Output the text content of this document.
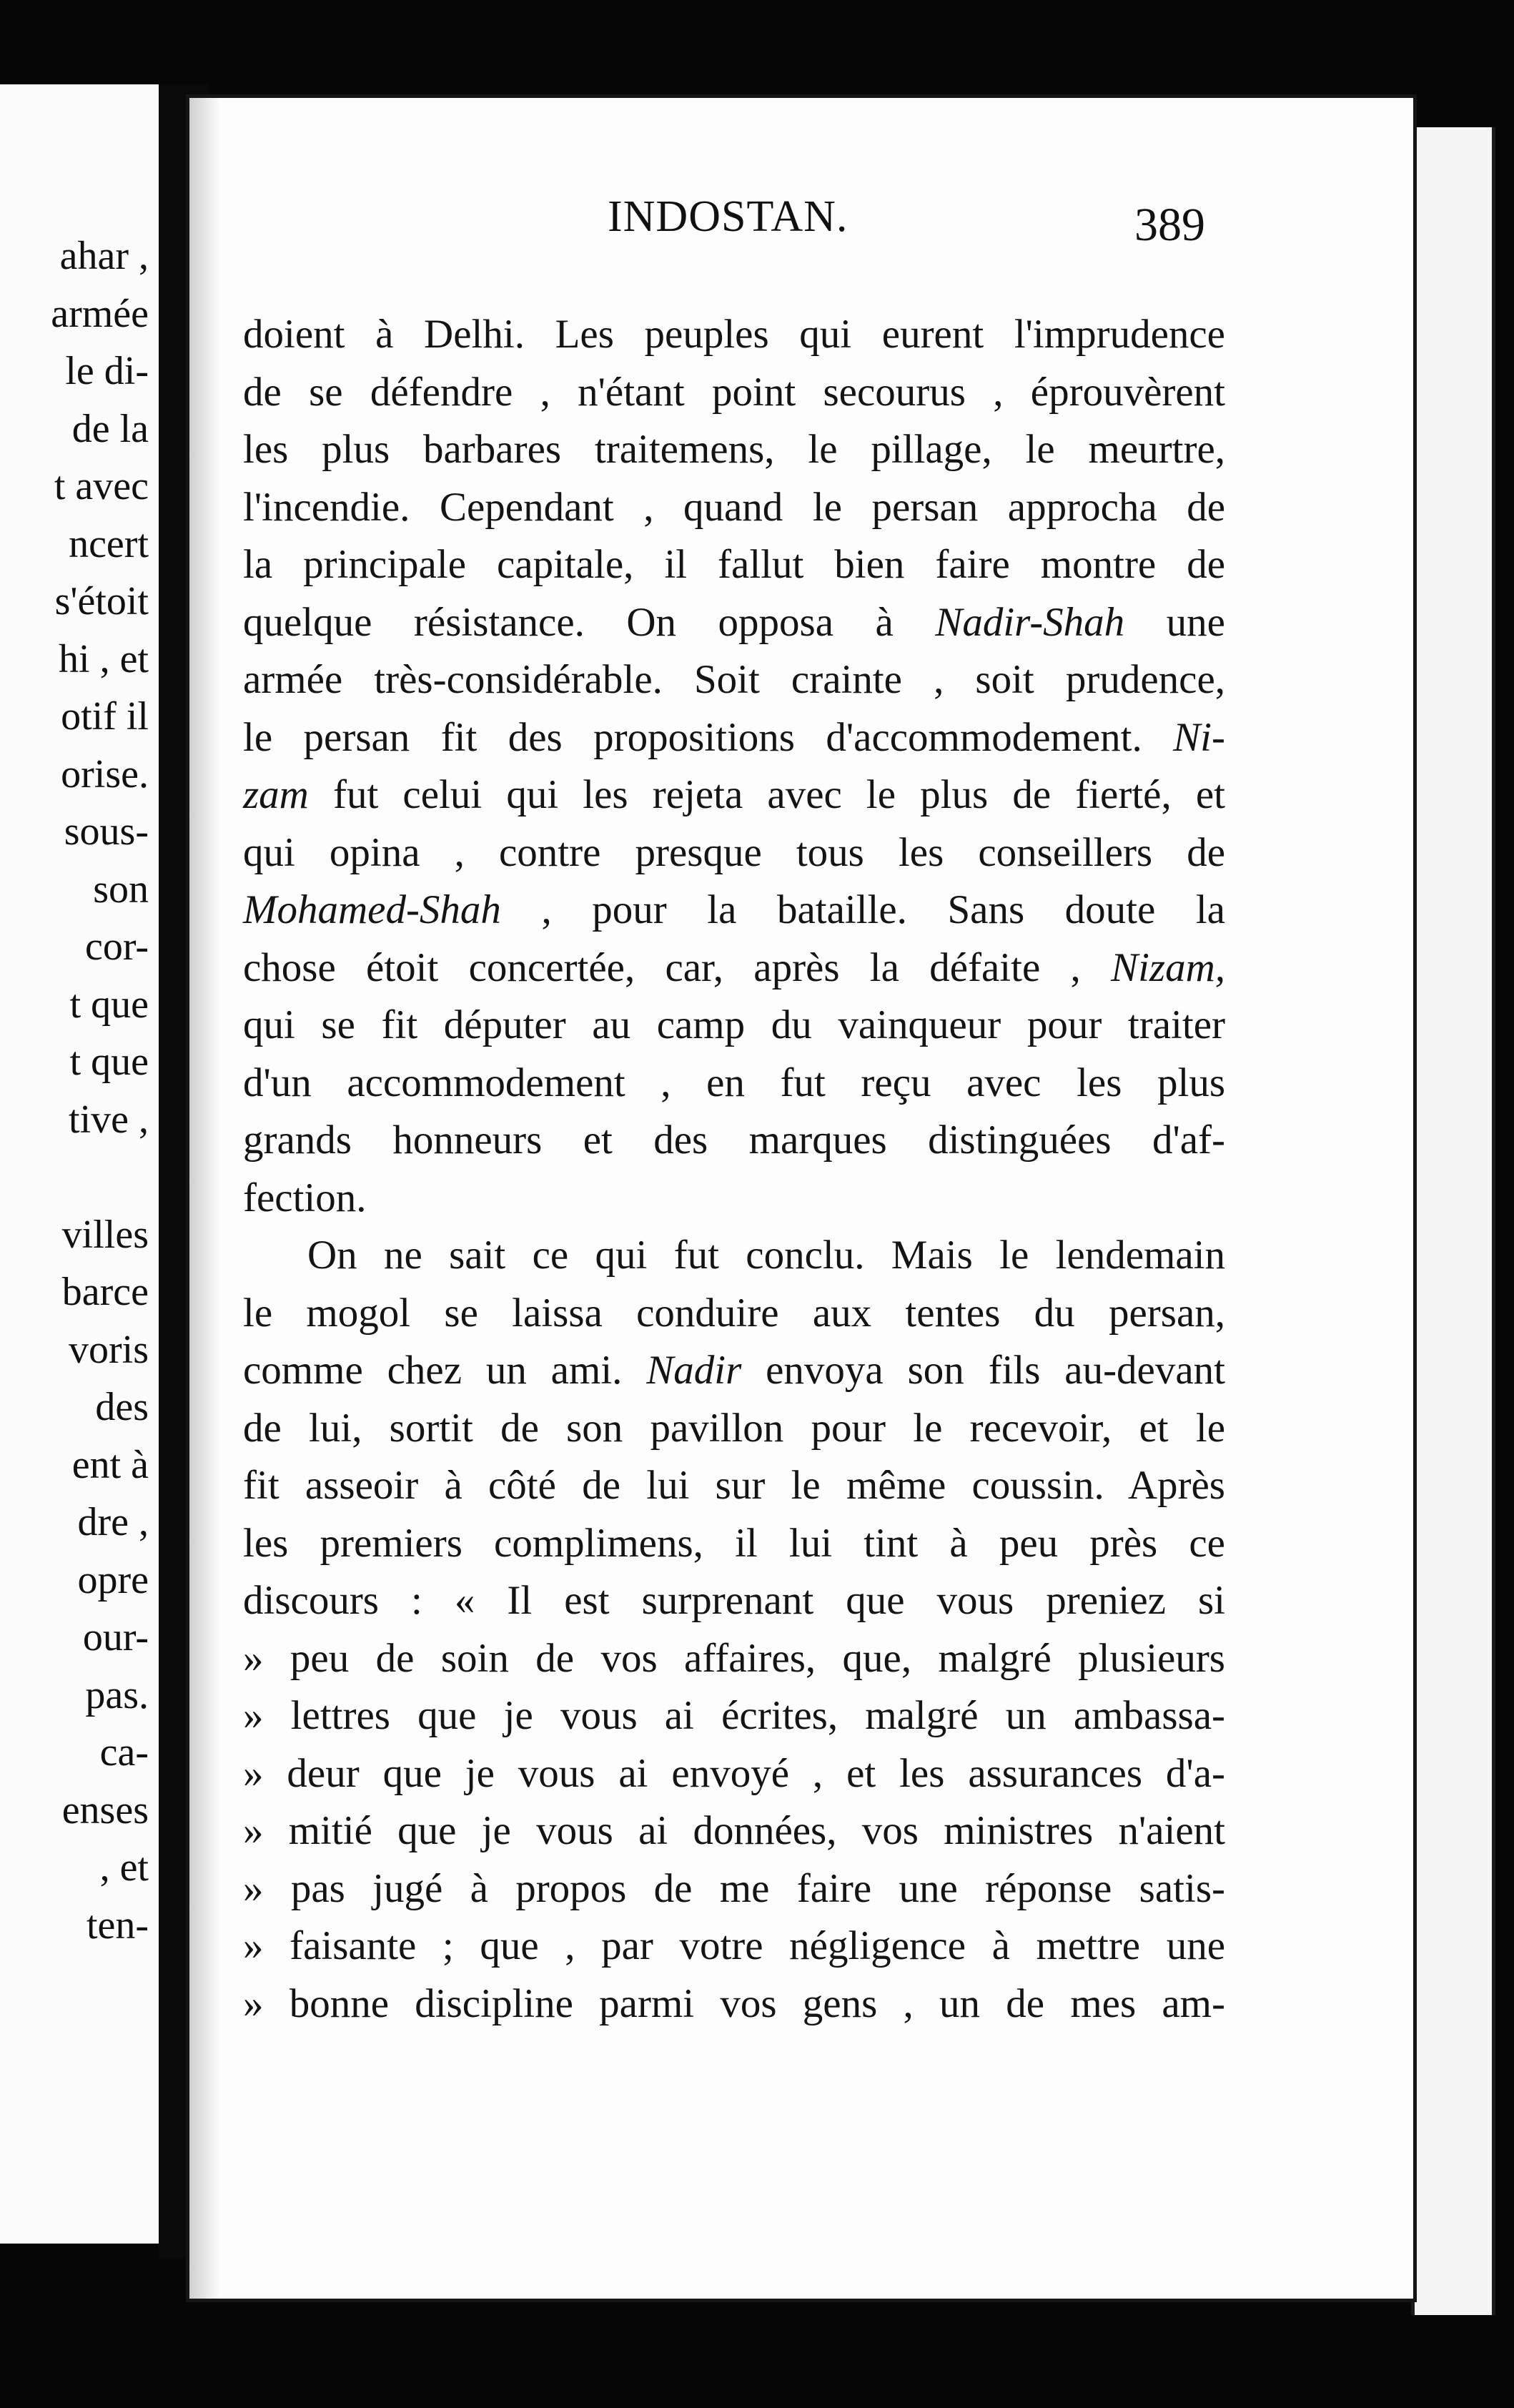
ahar ,
armée
le di-
de la
t avec
ncert
s'étoit
hi , et
otif il
orise.
sous-
son
cor-
t que
t que
tive ,
villes
barce
voris
des
ent à
dre ,
opre
our-
pas.
ca-
enses
, et
ten-
INDOSTAN.	389
doient à Delhi. Les peuples qui eurent l'imprudence
de se défendre , n'étant point secourus , éprouvèrent
les plus barbares traitemens, le pillage, le meurtre,
l'incendie. Cependant , quand le persan approcha de
la principale capitale, il fallut bien faire montre de
quelque résistance. On opposa à Nadir-Shah une
armée très-considérable. Soit crainte , soit prudence,
le persan fit des propositions d'accommodement. Ni-
zam fut celui qui les rejeta avec le plus de fierté, et
qui opina , contre presque tous les conseillers de
Mohamed-Shah , pour la bataille. Sans doute la
chose étoit concertée, car, après la défaite , Nizam,
qui se fit députer au camp du vainqueur pour traiter
d'un accommodement , en fut reçu avec les plus
grands honneurs et des marques distinguées d'af-
fection.
On ne sait ce qui fut conclu. Mais le lendemain
le mogol se laissa conduire aux tentes du persan,
comme chez un ami. Nadir envoya son fils au-devant
de lui, sortit de son pavillon pour le recevoir, et le
fit asseoir à côté de lui sur le même coussin. Après
les premiers complimens, il lui tint à peu près ce
discours : « Il est surprenant que vous preniez si
» peu de soin de vos affaires, que, malgré plusieurs
» lettres que je vous ai écrites, malgré un ambassa-
» deur que je vous ai envoyé , et les assurances d'a-
» mitié que je vous ai données, vos ministres n'aient
» pas jugé à propos de me faire une réponse satis-
» faisante ; que , par votre négligence à mettre une
» bonne discipline parmi vos gens , un de mes am-
